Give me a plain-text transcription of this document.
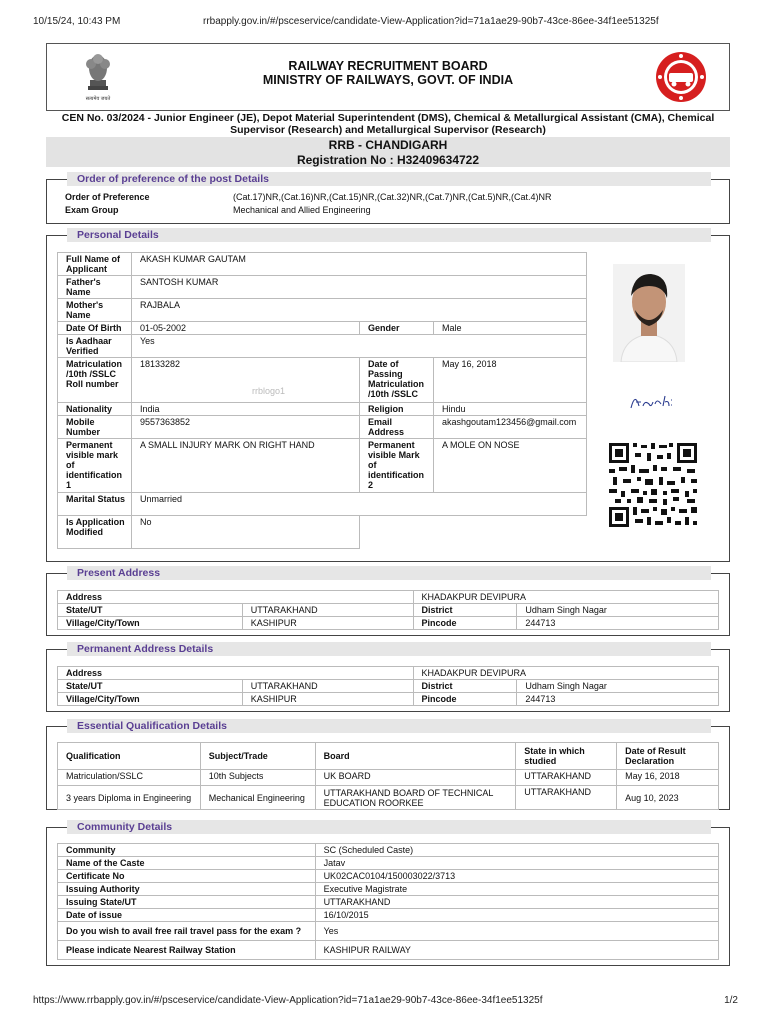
10/15/24, 10:43 PM	rrbapply.gov.in/#/psceservice/candidate-View-Application?id=71a1ae29-90b7-43ce-86ee-34f1ee51325f
सत्यमेव जयते
RAILWAY RECRUITMENT BOARD
MINISTRY OF RAILWAYS, GOVT. OF INDIA
CEN No. 03/2024 - Junior Engineer (JE), Depot Material Superintendent (DMS), Chemical & Metallurgical Assistant (CMA), Chemical Supervisor (Research) and Metallurgical Supervisor (Research)
RRB - CHANDIGARH
Registration No : H32409634722
Order of preference of the post Details
Order of Preference	(Cat.17)NR,(Cat.16)NR,(Cat.15)NR,(Cat.32)NR,(Cat.7)NR,(Cat.5)NR,(Cat.4)NR
Exam Group	Mechanical and Allied Engineering
Personal Details
Full Name of Applicant	AKASH KUMAR GAUTAM		
Father's Name	SANTOSH KUMAR		
Mother's Name	RAJBALA		
Date Of Birth	01-05-2002	Gender	Male
Is Aadhaar Verified	Yes		
Matriculation /10th /SSLC Roll number	18133282	Date of Passing Matriculation /10th /SSLC	May 16, 2018
Nationality	India	Religion	Hindu
Mobile Number	9557363852	Email Address	akashgoutam123456@gmail.com
Permanent visible mark of identification 1	A SMALL INJURY MARK ON RIGHT HAND	Permanent visible Mark of identification 2	A MOLE ON NOSE
Marital Status	Unmarried		
Is Application Modified	No		
rrblogo1	Akash k
Present Address
Address		KHADAKPUR DEVIPURA	
State/UT	UTTARAKHAND	District	Udham Singh Nagar
Village/City/Town	KASHIPUR	Pincode	244713
Permanent Address Details
Address		KHADAKPUR DEVIPURA	
State/UT	UTTARAKHAND	District	Udham Singh Nagar
Village/City/Town	KASHIPUR	Pincode	244713
Essential Qualification Details
Qualification	Subject/Trade	Board	State in which studied	Date of Result Declaration
Matriculation/SSLC	10th Subjects	UK BOARD	UTTARAKHAND	May 16, 2018
3 years Diploma in Engineering	Mechanical Engineering	UTTARAKHAND BOARD OF TECHNICAL EDUCATION ROORKEE	UTTARAKHAND	Aug 10, 2023
Community Details
Community	SC (Scheduled Caste)
Name of the Caste	Jatav
Certificate No	UK02CAC0104/150003022/3713
Issuing Authority	Executive Magistrate
Issuing State/UT	UTTARAKHAND
Date of issue	16/10/2015
Do you wish to avail free rail travel pass for the exam ?	Yes
Please indicate Nearest Railway Station	KASHIPUR RAILWAY
https://www.rrbapply.gov.in/#/psceservice/candidate-View-Application?id=71a1ae29-90b7-43ce-86ee-34f1ee51325f	1/2
